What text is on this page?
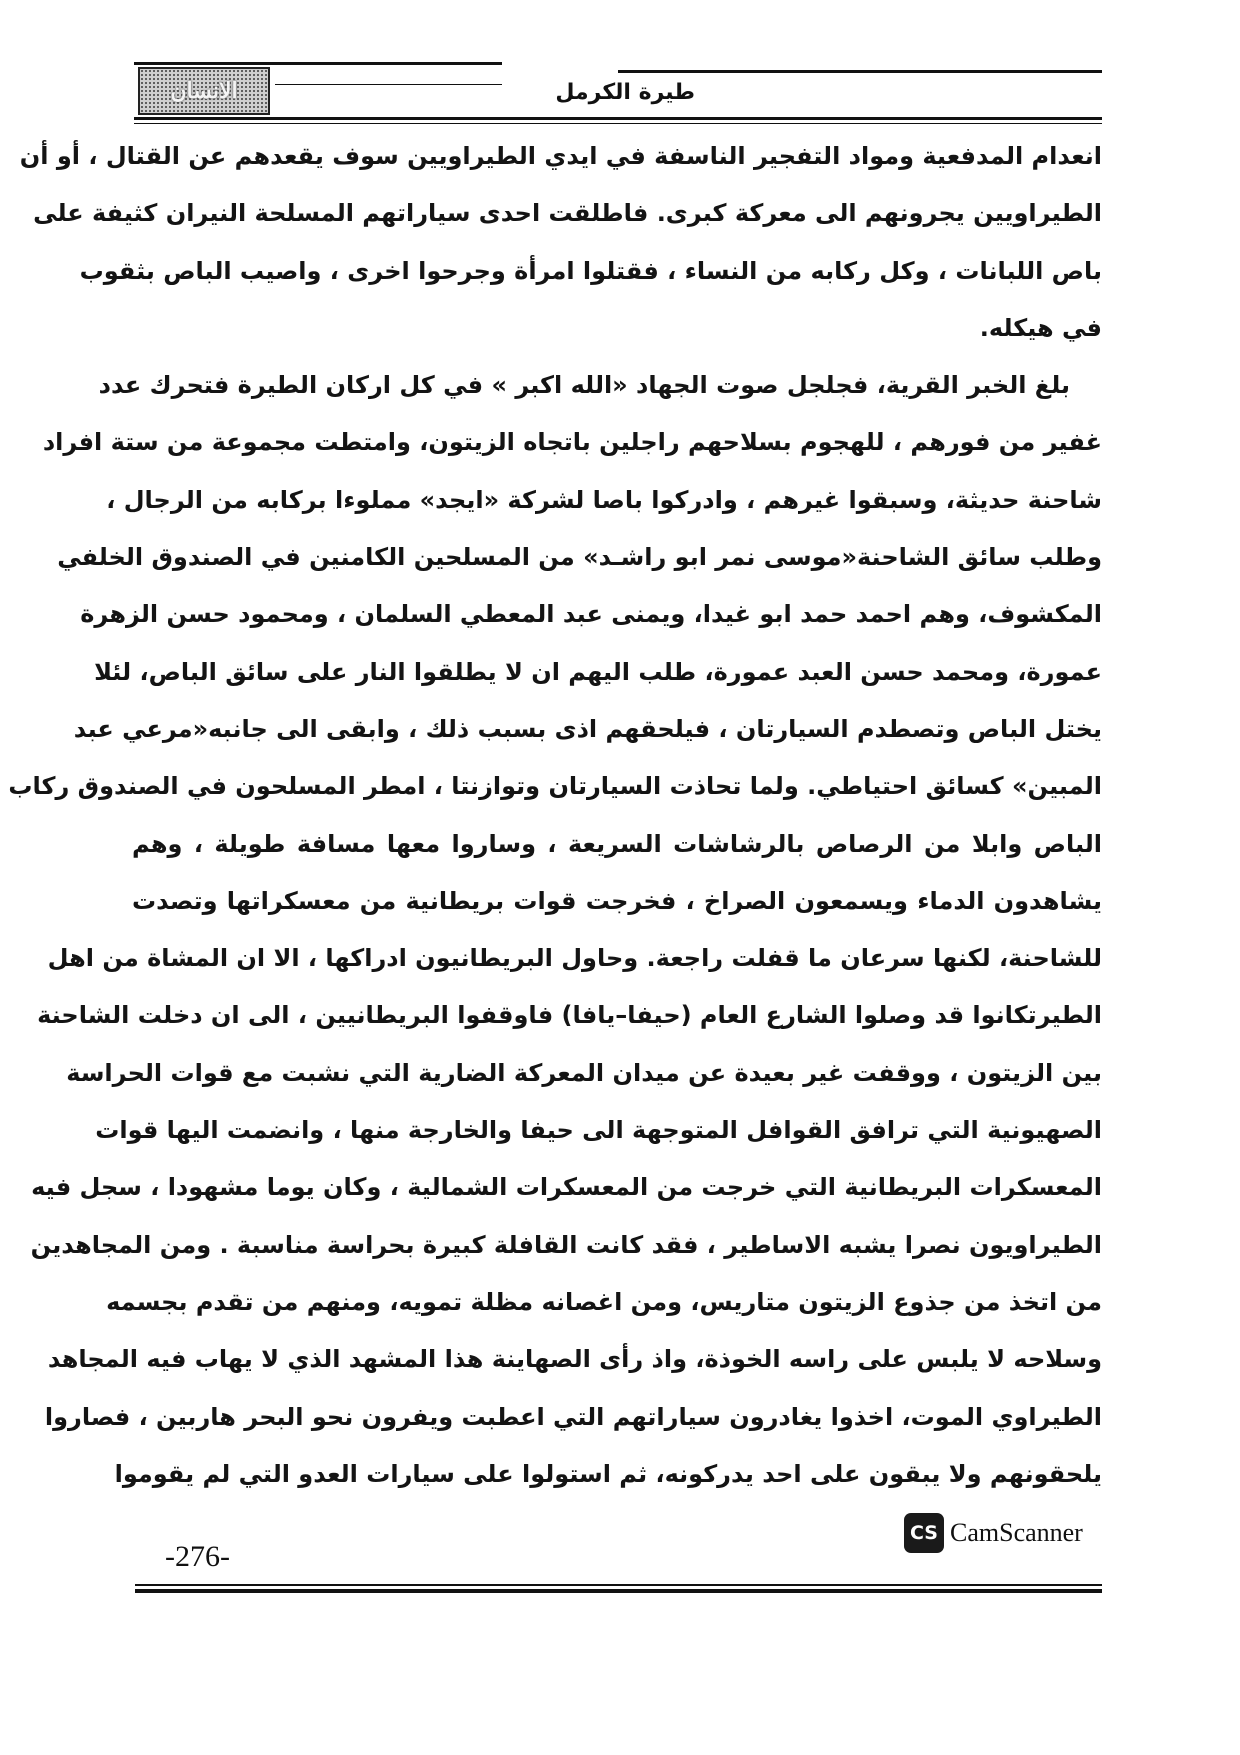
الانسان	طيرة الكرمل
انعدام المدفعية ومواد التفجير الناسفة في ايدي الطيراويين سوف يقعدهم عن القتال ، أو أن
الطيراويين يجرونهم الى معركة كبرى. فاطلقت احدى سياراتهم المسلحة النيران كثيفة على
باص اللبانات ، وكل ركابه من النساء ، فقتلوا امرأة وجرحوا اخرى ، واصيب الباص بثقوب
في هيكله.
بلغ الخبر القرية، فجلجل صوت الجهاد «الله اكبر » في كل اركان الطيرة فتحرك عدد
غفير من فورهم ، للهجوم بسلاحهم راجلين باتجاه الزيتون، وامتطت مجموعة من ستة افراد
شاحنة حديثة، وسبقوا غيرهم ، وادركوا باصا لشركة «ايجد» مملوءا بركابه من الرجال ،
وطلب سائق الشاحنة«موسى نمر ابو راشـد» من المسلحين الكامنين في الصندوق الخلفي
المكشوف، وهم احمد حمد ابو غيدا، ويمنى عبد المعطي السلمان ، ومحمود حسن الزهرة
عمورة، ومحمد حسن العبد عمورة، طلب اليهم ان لا يطلقوا النار على سائق الباص، لئلا
يختل الباص وتصطدم السيارتان ، فيلحقهم اذى بسبب ذلك ، وابقى الى جانبه«مرعي عبد
المبين» كسائق احتياطي. ولما تحاذت السيارتان وتوازنتا ، امطر المسلحون في الصندوق ركاب
الباص وابلا من الرصاص بالرشاشات السريعة ، وساروا معها مسافة طويلة ، وهم
يشاهدون الدماء ويسمعون الصراخ ، فخرجت قوات بريطانية من معسكراتها وتصدت
للشاحنة، لكنها سرعان ما قفلت راجعة. وحاول البريطانيون ادراكها ، الا ان المشاة من اهل
الطيرتكانوا قد وصلوا الشارع العام (حيفا–يافا) فاوقفوا البريطانيين ، الى ان دخلت الشاحنة
بين الزيتون ، ووقفت غير بعيدة عن ميدان المعركة الضارية التي نشبت مع قوات الحراسة
الصهيونية التي ترافق القوافل المتوجهة الى حيفا والخارجة منها ، وانضمت اليها قوات
المعسكرات البريطانية التي خرجت من المعسكرات الشمالية ، وكان يوما مشهودا ، سجل فيه
الطيراويون نصرا يشبه الاساطير ، فقد كانت القافلة كبيرة بحراسة مناسبة . ومن المجاهدين
من اتخذ من جذوع الزيتون متاريس، ومن اغصانه مظلة تمويه، ومنهم من تقدم بجسمه
وسلاحه لا يلبس على راسه الخوذة، واذ رأى الصهاينة هذا المشهد الذي لا يهاب فيه المجاهد
الطيراوي الموت، اخذوا يغادرون سياراتهم التي اعطبت ويفرون نحو البحر هاربين ، فصاروا
يلحقونهم ولا يبقون على احد يدركونه، ثم استولوا على سيارات العدو التي لم يقوموا
-276-
CS CamScanner
